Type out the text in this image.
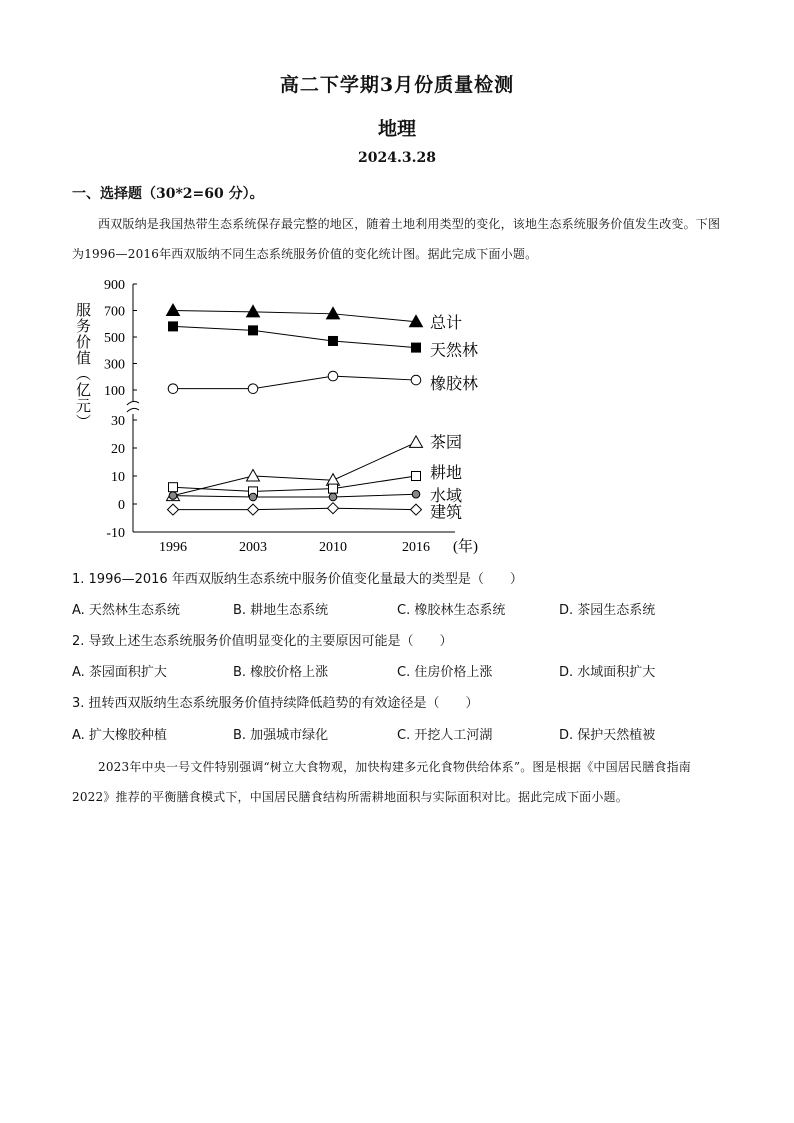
高二下学期3月份质量检测
地理
2024.3.28
一、选择题（30*2=60 分）。
西双版纳是我国热带生态系统保存最完整的地区，随着土地利用类型的变化，该地生态系统服务价值发生改变。下图为1996—2016年西双版纳不同生态系统服务价值的变化统计图。据此完成下面小题。
900
700
500
300
100
30
20
10
0
-10
1996	2003	2010	2016 (年)
服务价值（亿元）	总计
天然林
橡胶林
茶园
耕地
水域
建筑
1. 1996—2016 年西双版纳生态系统中服务价值变化量最大的类型是（　　）
A. 天然林生态系统	B. 耕地生态系统	C. 橡胶林生态系统	D. 茶园生态系统
2. 导致上述生态系统服务价值明显变化的主要原因可能是（　　）
A. 茶园面积扩大	B. 橡胶价格上涨	C. 住房价格上涨	D. 水域面积扩大
3. 扭转西双版纳生态系统服务价值持续降低趋势的有效途径是（　　）
A. 扩大橡胶种植	B. 加强城市绿化	C. 开挖人工河湖	D. 保护天然植被
2023年中央一号文件特别强调“树立大食物观，加快构建多元化食物供给体系”。图是根据《中国居民膳食指南2022》推荐的平衡膳食模式下，中国居民膳食结构所需耕地面积与实际面积对比。据此完成下面小题。
